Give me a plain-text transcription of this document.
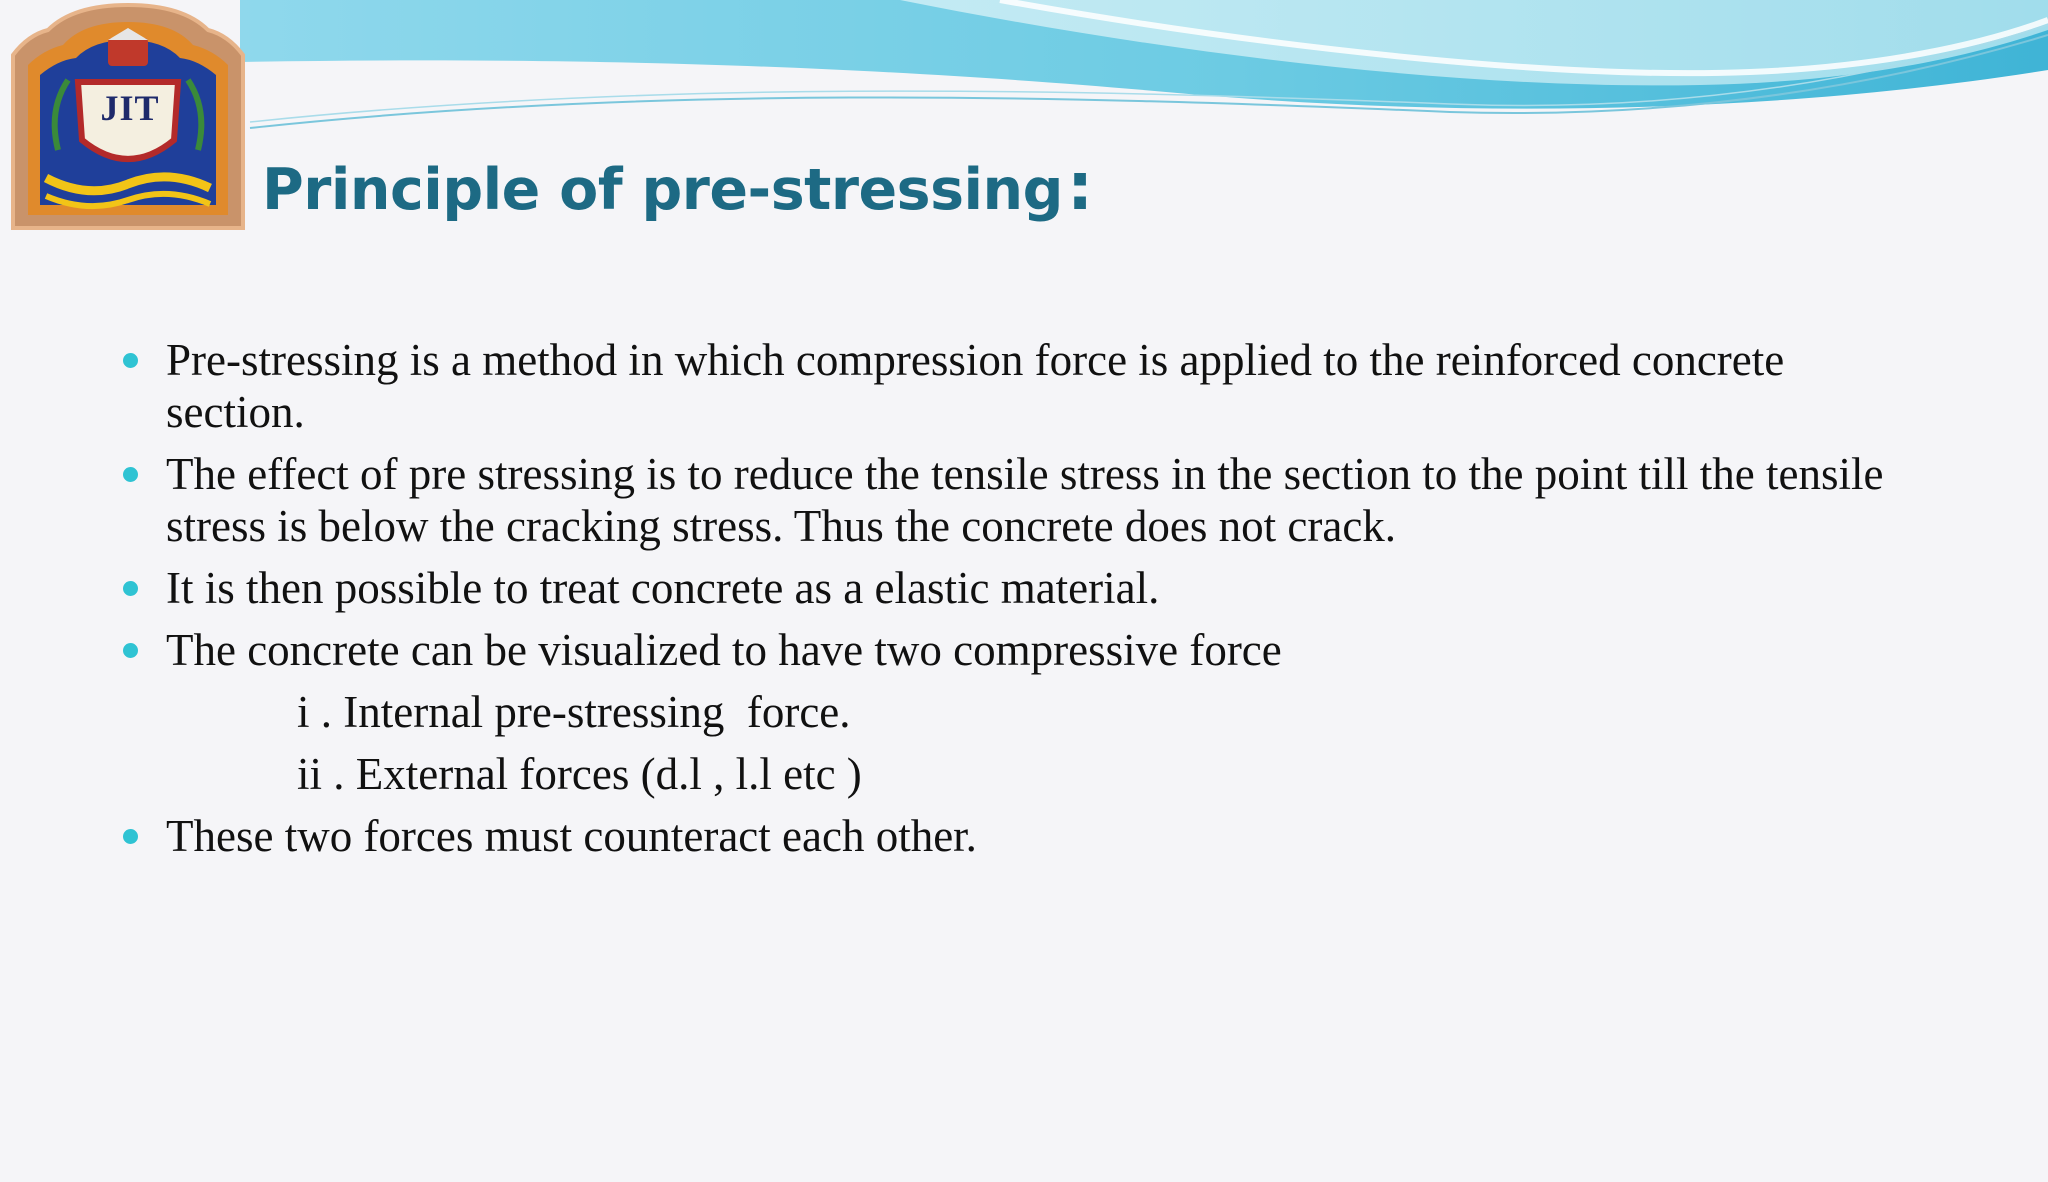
JIT
Principle of pre-stressing:
Pre-stressing is a method in which compression force is applied to the reinforced concrete section.
The effect of pre stressing is to reduce the tensile stress in the section to the point till the tensile stress is below the cracking stress. Thus the concrete does not crack.
It is then possible to treat concrete as a elastic material.
The concrete can be visualized to have two compressive force
i . Internal pre-stressing  force.
ii . External forces (d.l , l.l etc )
These two forces must counteract each other.
